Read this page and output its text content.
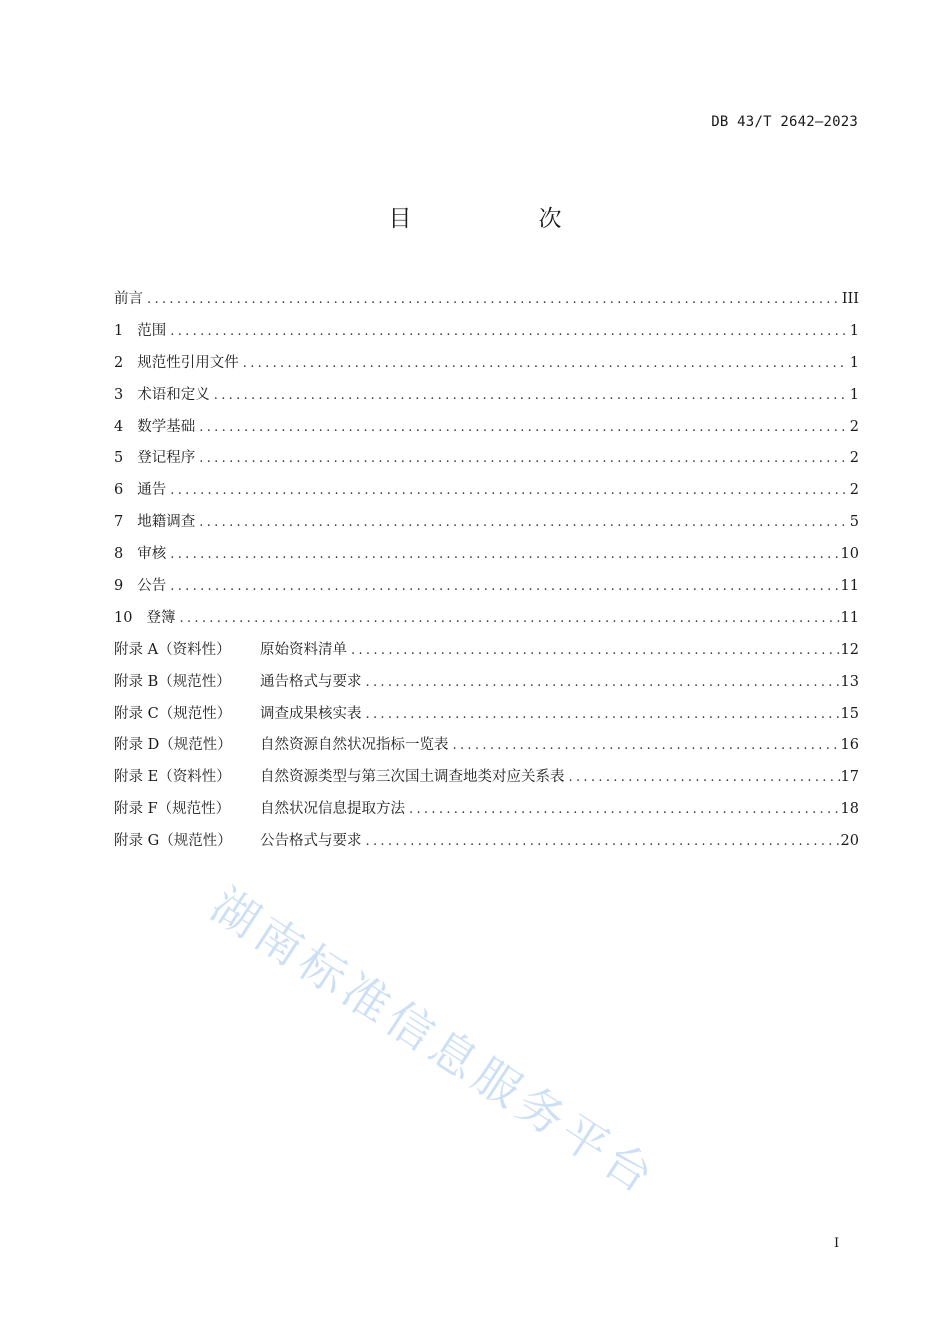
DB 43/T 2642—2023
目　次
前言 . . .	III
1 范围 . . .	1
2 规范性引用文件 . . .	1
3 术语和定义 . . .	1
4 数学基础 . . .	2
5 登记程序 . . .	2
6 通告 . . .	2
7 地籍调查 . . .	5
8 审核 . . .	10
9 公告 . . .	11
10 登簿 . . .	11
附录 A（资料性）	原始资料清单 . . .	12
附录 B（规范性）	通告格式与要求 . . .	13
附录 C（规范性）	调查成果核实表 . . .	15
附录 D（规范性）	自然资源自然状况指标一览表 . . .	16
附录 E（资料性）	自然资源类型与第三次国土调查地类对应关系表 . . .	17
附录 F（规范性）	自然状况信息提取方法 . . .	18
附录 G（规范性）	公告格式与要求 . . .	20
湖南标准信息服务平台
I
